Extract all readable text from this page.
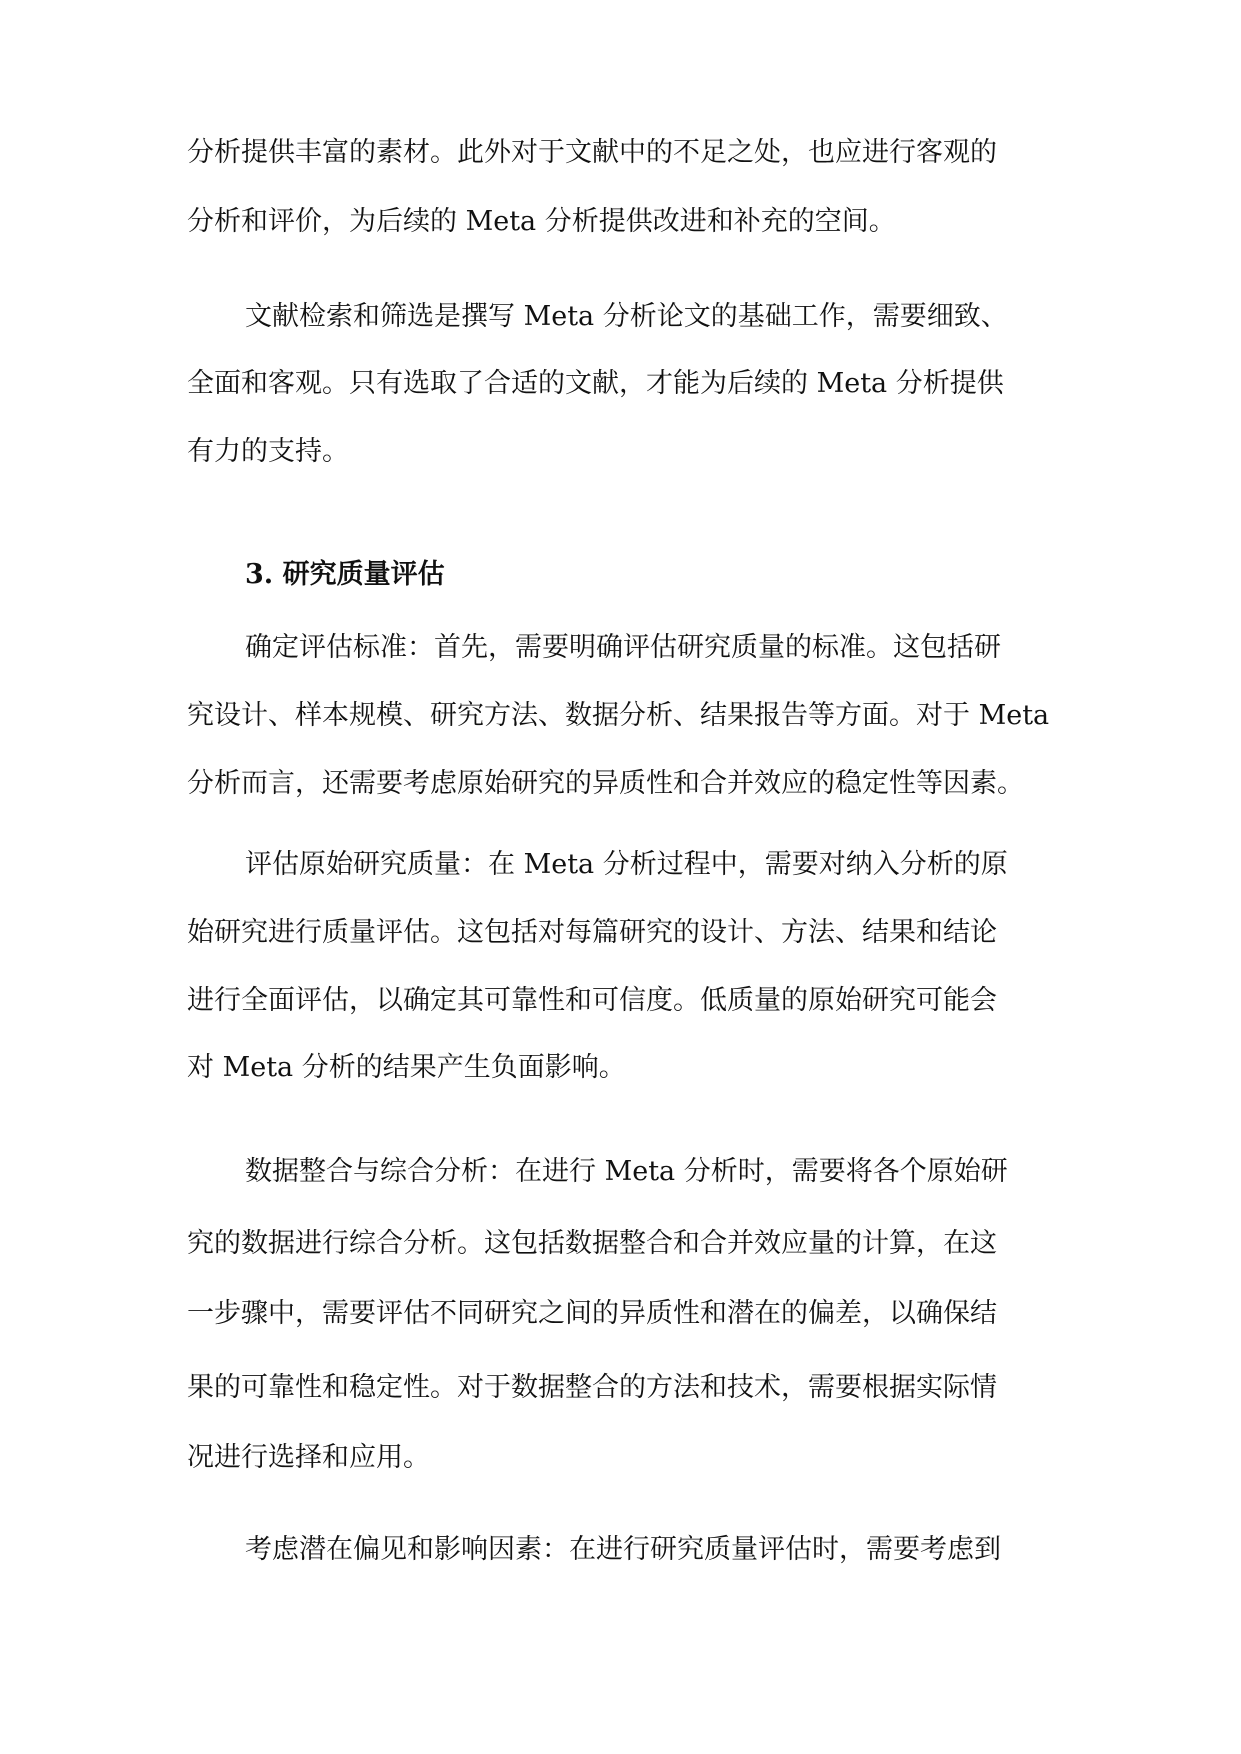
分析提供丰富的素材。此外对于文献中的不足之处，也应进行客观的

分析和评价，为后续的 Meta 分析提供改进和补充的空间。

文献检索和筛选是撰写 Meta 分析论文的基础工作，需要细致、

全面和客观。只有选取了合适的文献，才能为后续的 Meta 分析提供

有力的支持。

3. 研究质量评估

确定评估标准：首先，需要明确评估研究质量的标准。这包括研

究设计、样本规模、研究方法、数据分析、结果报告等方面。对于 Meta

分析而言，还需要考虑原始研究的异质性和合并效应的稳定性等因素。

评估原始研究质量：在 Meta 分析过程中，需要对纳入分析的原

始研究进行质量评估。这包括对每篇研究的设计、方法、结果和结论

进行全面评估，以确定其可靠性和可信度。低质量的原始研究可能会

对 Meta 分析的结果产生负面影响。

数据整合与综合分析：在进行 Meta 分析时，需要将各个原始研

究的数据进行综合分析。这包括数据整合和合并效应量的计算，在这

一步骤中，需要评估不同研究之间的异质性和潜在的偏差，以确保结

果的可靠性和稳定性。对于数据整合的方法和技术，需要根据实际情

况进行选择和应用。

考虑潜在偏见和影响因素：在进行研究质量评估时，需要考虑到
